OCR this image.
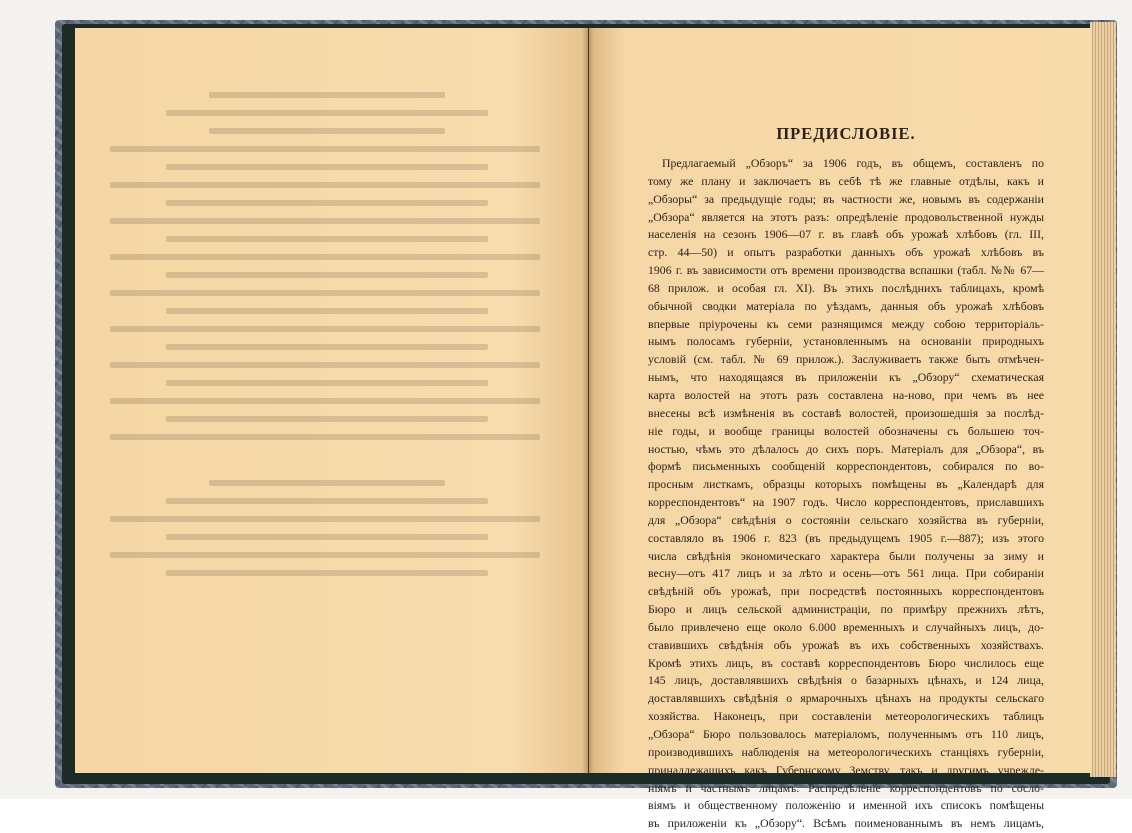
ПРЕДИСЛОВІЕ.
Предлагаемый „Обзоръ“ за 1906 годъ, въ общемъ, составленъ по
тому же плану и заключаетъ въ себѣ тѣ же главные отдѣлы, какъ и
„Обзоры“ за предыдущіе годы; въ частности же, новымъ въ содержаніи
„Обзора“ является на этотъ разъ: опредѣленіе продовольственной нужды
населенія на сезонъ 1906—07 г. въ главѣ объ урожаѣ хлѣбовъ (гл. III,
стр. 44—50) и опытъ разработки данныхъ объ урожаѣ хлѣбовъ въ
1906 г. въ зависимости отъ времени производства вспашки (табл. №№ 67—
68 прилож. и особая гл. XI). Въ этихъ послѣднихъ таблицахъ, кромѣ
обычной сводки матеріала по уѣздамъ, данныя объ урожаѣ хлѣбовъ
впервые пріурочены къ семи разнящимся между собою территоріаль-
нымъ полосамъ губерніи, установленнымъ на основаніи природныхъ
условій (см. табл. № 69 прилож.). Заслуживаетъ также быть отмѣчен-
нымъ, что находящаяся въ приложеніи къ „Обзору“ схематическая
карта волостей на этотъ разъ составлена на-ново, при чемъ въ нее
внесены всѣ измѣненія въ составѣ волостей, произошедшія за послѣд-
ніе годы, и вообще границы волостей обозначены съ большею точ-
ностью, чѣмъ это дѣлалось до сихъ поръ. Матеріалъ для „Обзора“, въ
формѣ письменныхъ сообщеній корреспондентовъ, собирался по во-
просным листкамъ, образцы которыхъ помѣщены въ „Календарѣ для
корреспондентовъ“ на 1907 годъ. Число корреспондентовъ, приславшихъ
для „Обзора“ свѣдѣнія о состояніи сельскаго хозяйства въ губерніи,
составляло въ 1906 г. 823 (въ предыдущемъ 1905 г.—887); изъ этого
числа свѣдѣнія экономическаго характера были получены за зиму и
весну—отъ 417 лицъ и за лѣто и осень—отъ 561 лица. При собираніи
свѣдѣній объ урожаѣ, при посредствѣ постоянныхъ корреспондентовъ
Бюро и лицъ сельской администраціи, по примѣру прежнихъ лѣтъ,
было привлечено еще около 6.000 временныхъ и случайныхъ лицъ, до-
ставившихъ свѣдѣнія объ урожаѣ въ ихъ собственныхъ хозяйствахъ.
Кромѣ этихъ лицъ, въ составѣ корреспондентовъ Бюро числилось еще
145 лицъ, доставлявшихъ свѣдѣнія о базарныхъ цѣнахъ, и 124 лица,
доставлявшихъ свѣдѣнія о ярмарочныхъ цѣнахъ на продукты сельскаго
хозяйства. Наконецъ, при составленіи метеорологическихъ таблицъ
„Обзора“ Бюро пользовалось матеріаломъ, полученнымъ отъ 110 лицъ,
производившихъ наблюденія на метеорологическихъ станціяхъ губерніи,
принадлежащихъ какъ Губернскому Земству, такъ и другимъ учрежде-
ніямъ и частнымъ лицамъ. Распредѣленіе корреспондентовъ по сосло-
віямъ и общественному положенію и именной ихъ списокъ помѣщены
въ приложеніи къ „Обзору“. Всѣмъ поименованнымъ въ немъ лицамъ,
